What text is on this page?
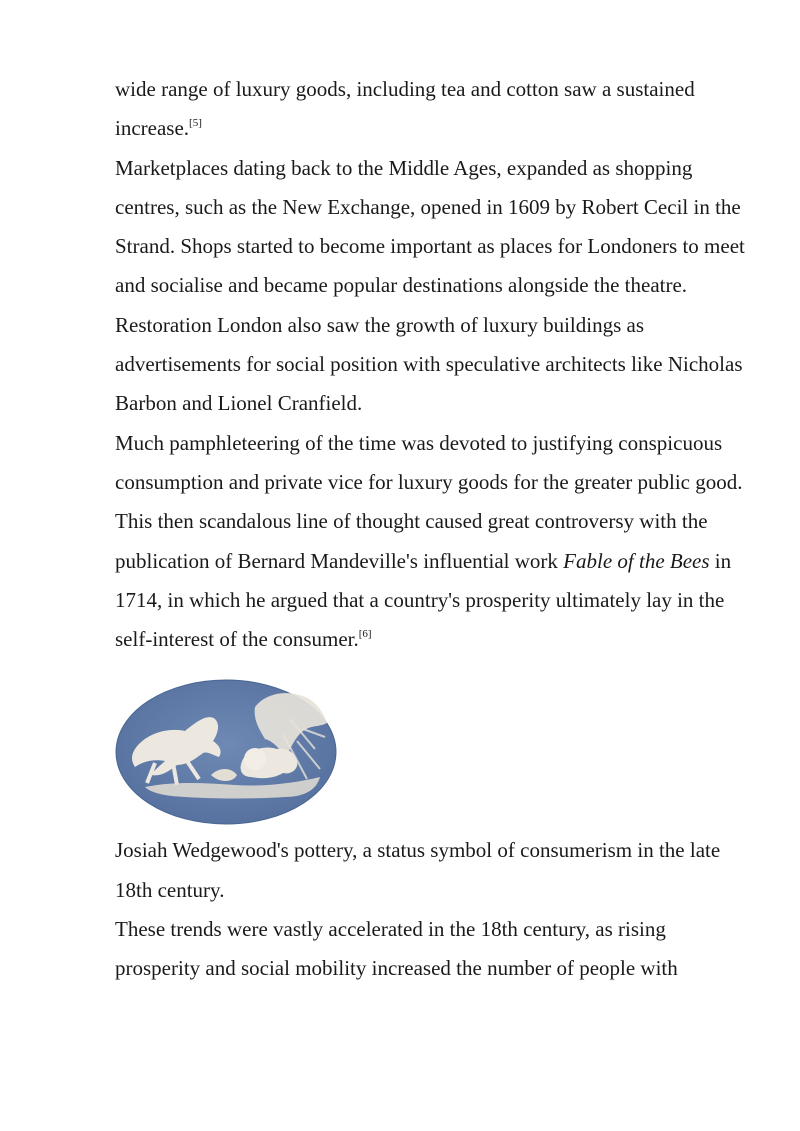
wide range of luxury goods, including tea and cotton saw a sustained increase.[5]

Marketplaces dating back to the Middle Ages, expanded as shopping centres, such as the New Exchange, opened in 1609 by Robert Cecil in the Strand. Shops started to become important as places for Londoners to meet and socialise and became popular destinations alongside the theatre. Restoration London also saw the growth of luxury buildings as advertisements for social position with speculative architects like Nicholas Barbon and Lionel Cranfield.

Much pamphleteering of the time was devoted to justifying conspicuous consumption and private vice for luxury goods for the greater public good. This then scandalous line of thought caused great controversy with the publication of Bernard Mandeville's influential work Fable of the Bees in 1714, in which he argued that a country's prosperity ultimately lay in the self-interest of the consumer.[6]

Josiah Wedgewood's pottery, a status symbol of consumerism in the late 18th century.

These trends were vastly accelerated in the 18th century, as rising prosperity and social mobility increased the number of people with
